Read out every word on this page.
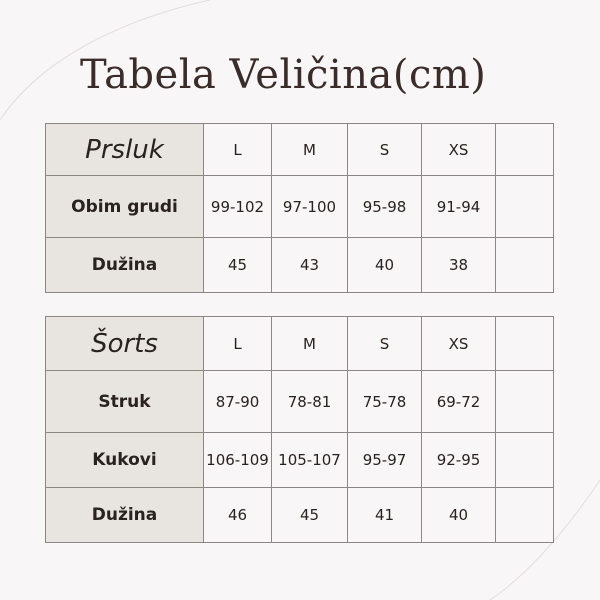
Tabela Veličina(cm)
Prsluk	L	M	S	XS	
Obim grudi	99-102	97-100	95-98	91-94	
Dužina	45	43	40	38	
Šorts	L	M	S	XS	
Struk	87-90	78-81	75-78	69-72	
Kukovi	106-109	105-107	95-97	92-95	
Dužina	46	45	41	40	
